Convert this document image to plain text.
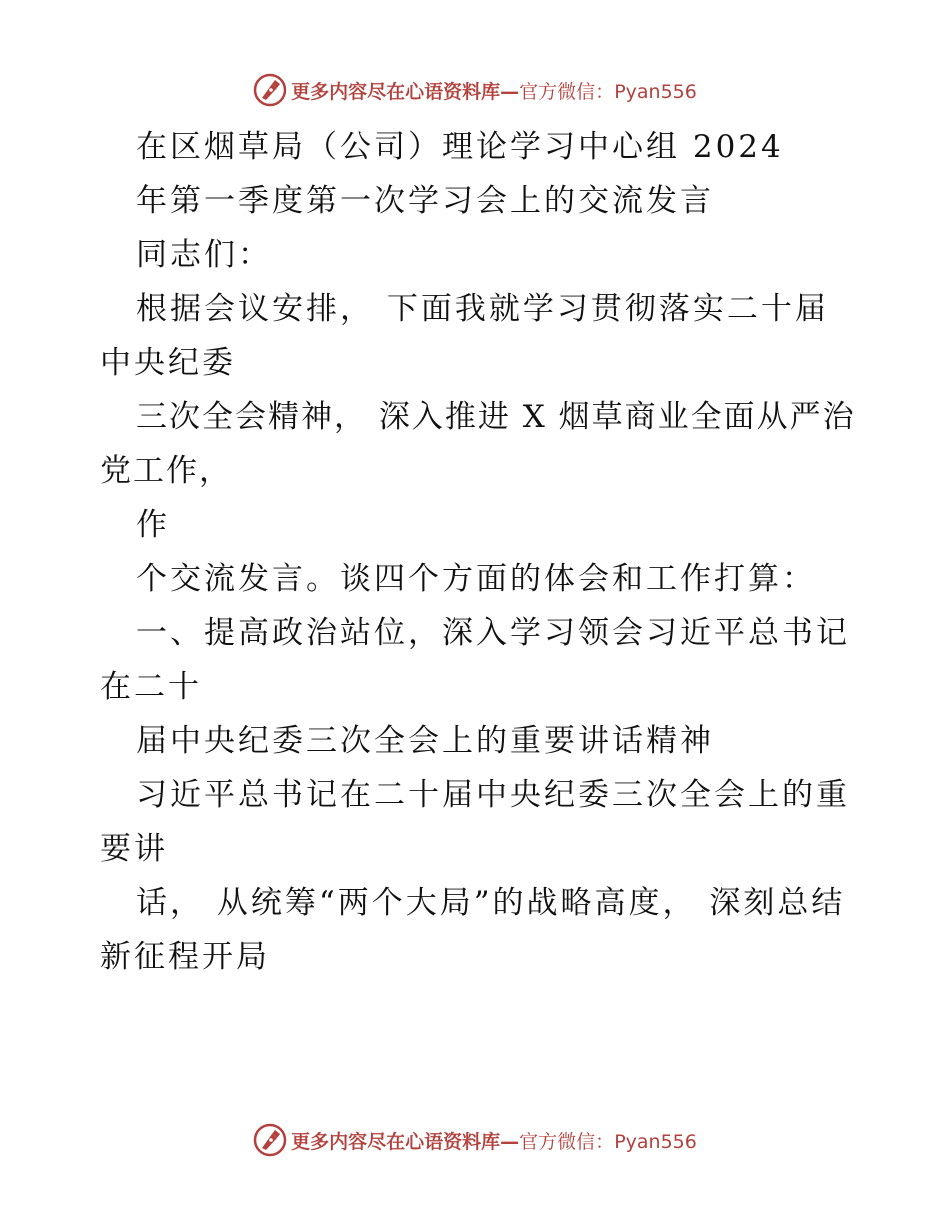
更多内容尽在心语资料库—官方微信：Pyan556

在区烟草局（公司）理论学习中心组 2024

年第一季度第一次学习会上的交流发言

同志们：

根据会议安排， 下面我就学习贯彻落实二十届中央纪委

三次全会精神， 深入推进 X 烟草商业全面从严治党工作，

作

个交流发言。谈四个方面的体会和工作打算：

一、提高政治站位，深入学习领会习近平总书记在二十

届中央纪委三次全会上的重要讲话精神

习近平总书记在二十届中央纪委三次全会上的重要讲

话， 从统筹“两个大局”的战略高度， 深刻总结新征程开局

更多内容尽在心语资料库—官方微信：Pyan556
